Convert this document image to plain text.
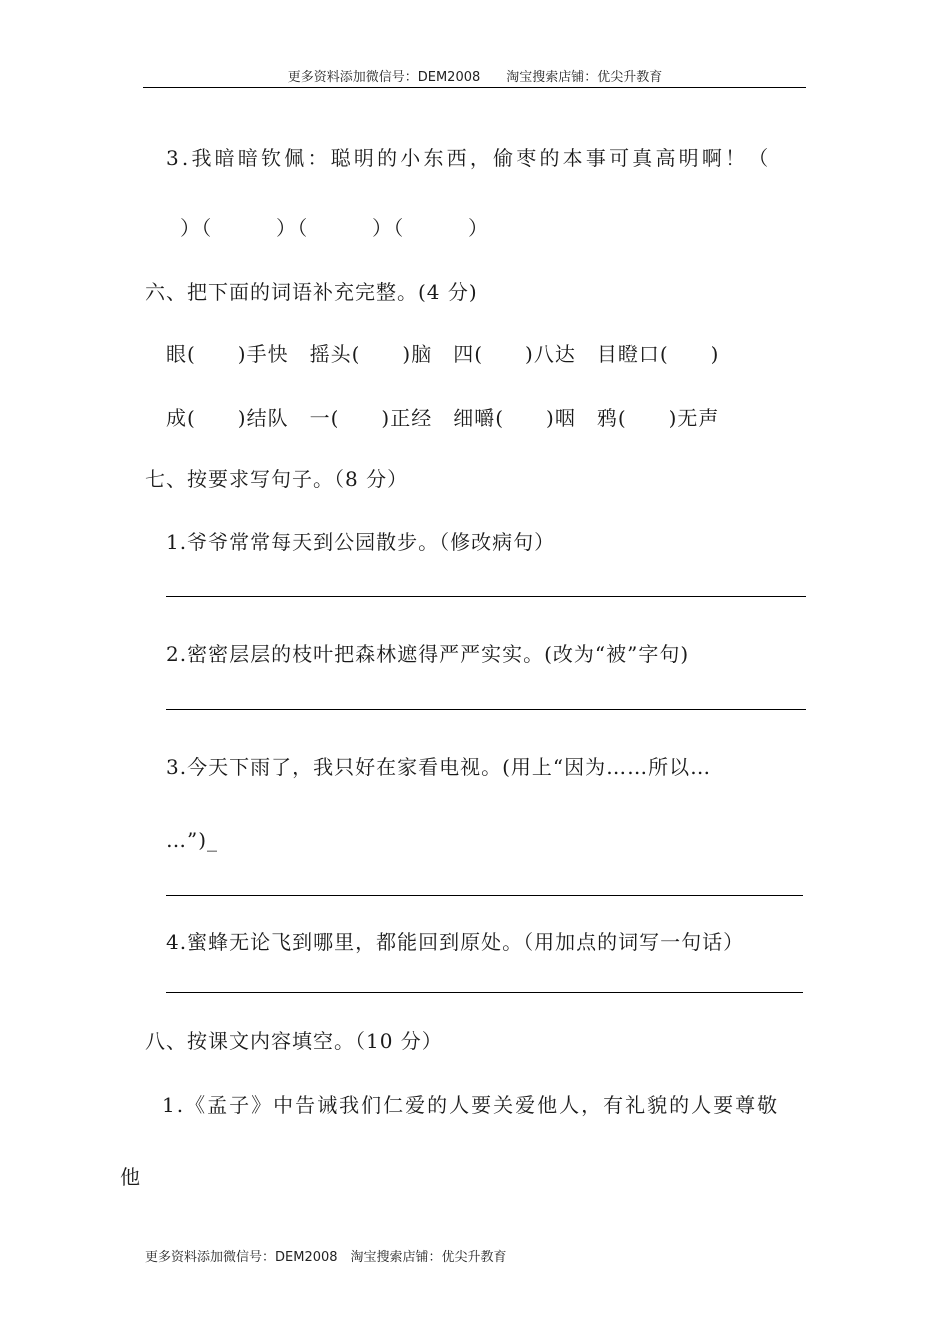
更多资料添加微信号：DEM2008　　淘宝搜索店铺：优尖升教育
3.我暗暗钦佩：聪明的小东西，偷枣的本事可真高明啊！（
）（　　　）（　　　）（　　　）
六、把下面的词语补充完整。(4 分)
眼(　　)手快　摇头(　　)脑　四(　　)八达　目瞪口(　　)
成(　　)结队　一(　　)正经　细嚼(　　)咽　鸦(　　)无声
七、按要求写句子。（8 分）
1.爷爷常常每天到公园散步。（修改病句）
2.密密层层的枝叶把森林遮得严严实实。(改为“被”字句)
3.今天下雨了，我只好在家看电视。(用上“因为……所以…
…”)_
4.蜜蜂无论飞到哪里，都能回到原处。（用加点的词写一句话）
八、按课文内容填空。（10 分）
1.《孟子》中告诫我们仁爱的人要关爱他人，有礼貌的人要尊敬
他
更多资料添加微信号：DEM2008　淘宝搜索店铺：优尖升教育
